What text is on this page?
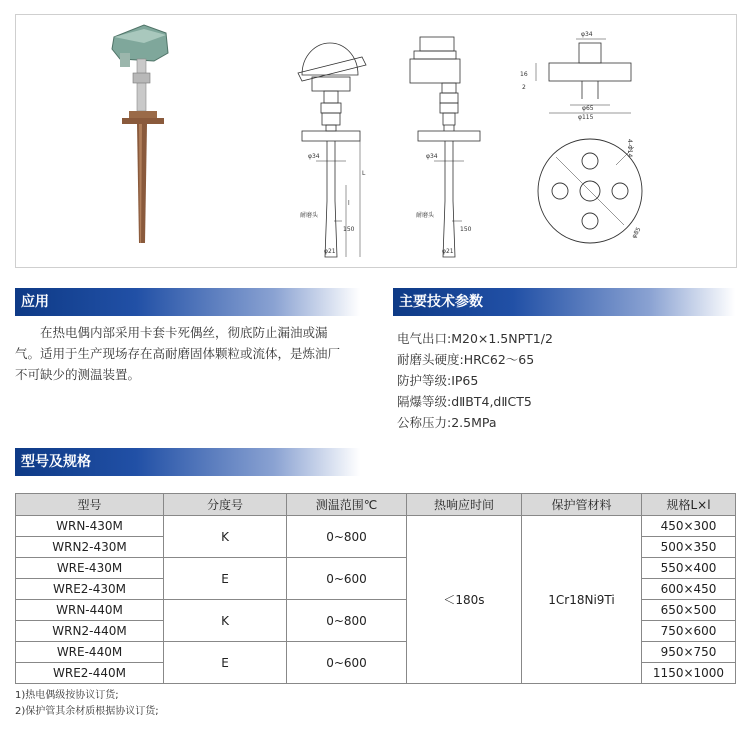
φ34
L
l
耐磨头
150
φ21
φ34
耐磨头
150
φ21
φ34
16
2
φ65
φ115
4-Φ14
φ85
应用
在热电偶内部采用卡套卡死偶丝，彻底防止漏油或漏
气。适用于生产现场存在高耐磨固体颗粒或流体，是炼油厂
不可缺少的测温装置。
主要技术参数
电气出口:M20×1.5NPT1/2
耐磨头硬度:HRC62～65
防护等级:IP65
隔爆等级:dⅡBT4,dⅡCT5
公称压力:2.5MPa
型号及规格
型号	分度号	测温范围℃	热响应时间	保护管材料	规格L×l
WRN-430M	K	0~800	＜180s	1Cr18Ni9Ti	450×300
WRN2-430M					500×350
WRE-430M	E	0~600			550×400
WRE2-430M					600×450
WRN-440M	K	0~800			650×500
WRN2-440M					750×600
WRE-440M	E	0~600			950×750
WRE2-440M					1150×1000
1)热电偶级按协议订货;
2)保护管其余材质根据协议订货;
